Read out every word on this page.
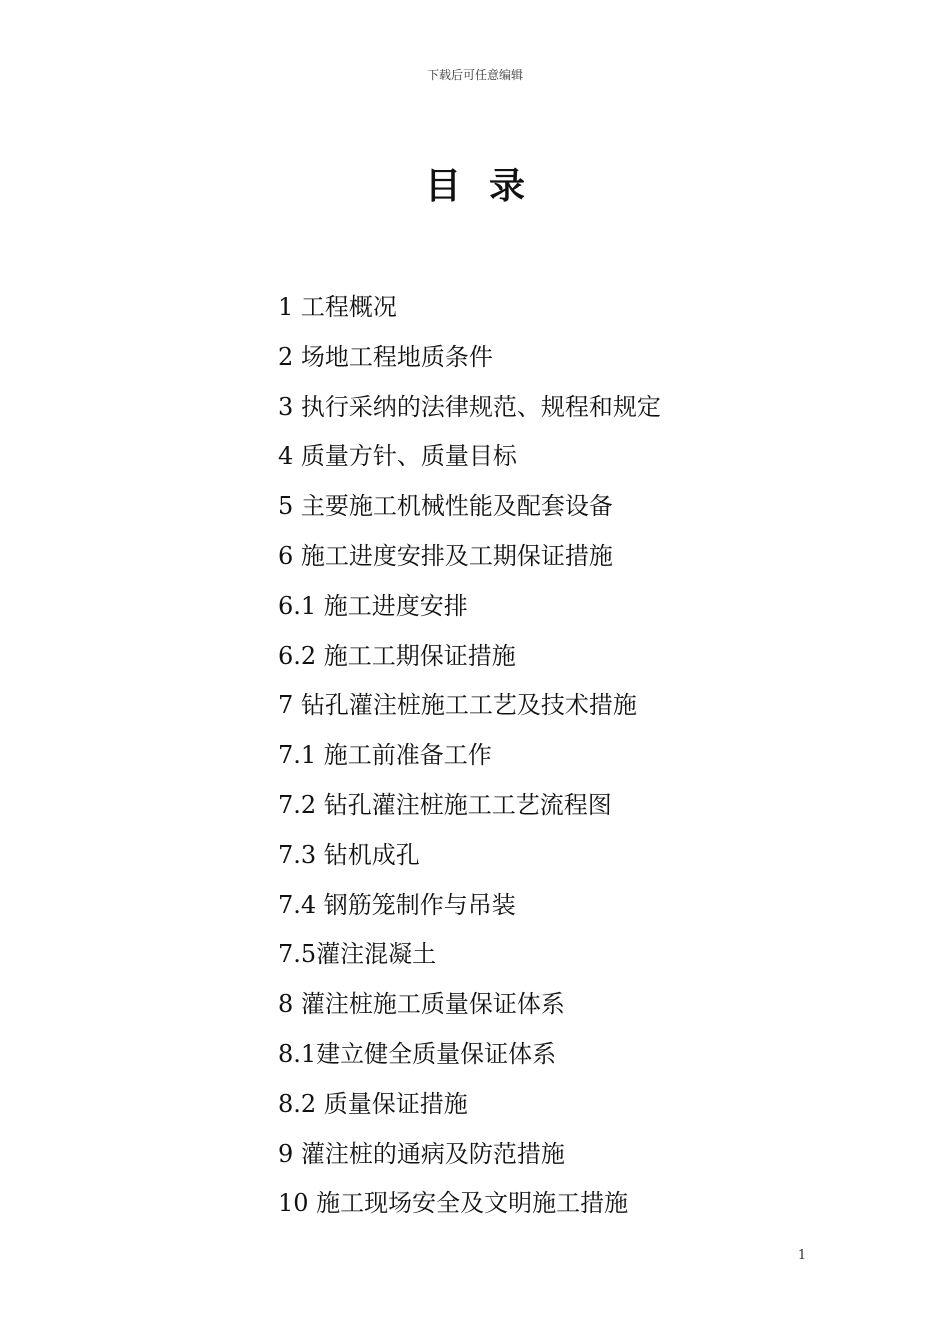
下载后可任意编辑
目录
1 工程概况
2 场地工程地质条件
3 执行采纳的法律规范、规程和规定
4 质量方针、质量目标
5 主要施工机械性能及配套设备
6 施工进度安排及工期保证措施
6.1 施工进度安排
6.2 施工工期保证措施
7 钻孔灌注桩施工工艺及技术措施
7.1 施工前准备工作
7.2 钻孔灌注桩施工工艺流程图
7.3 钻机成孔
7.4 钢筋笼制作与吊装
7.5灌注混凝土
8 灌注桩施工质量保证体系
8.1建立健全质量保证体系
8.2 质量保证措施
9 灌注桩的通病及防范措施
10 施工现场安全及文明施工措施
1
